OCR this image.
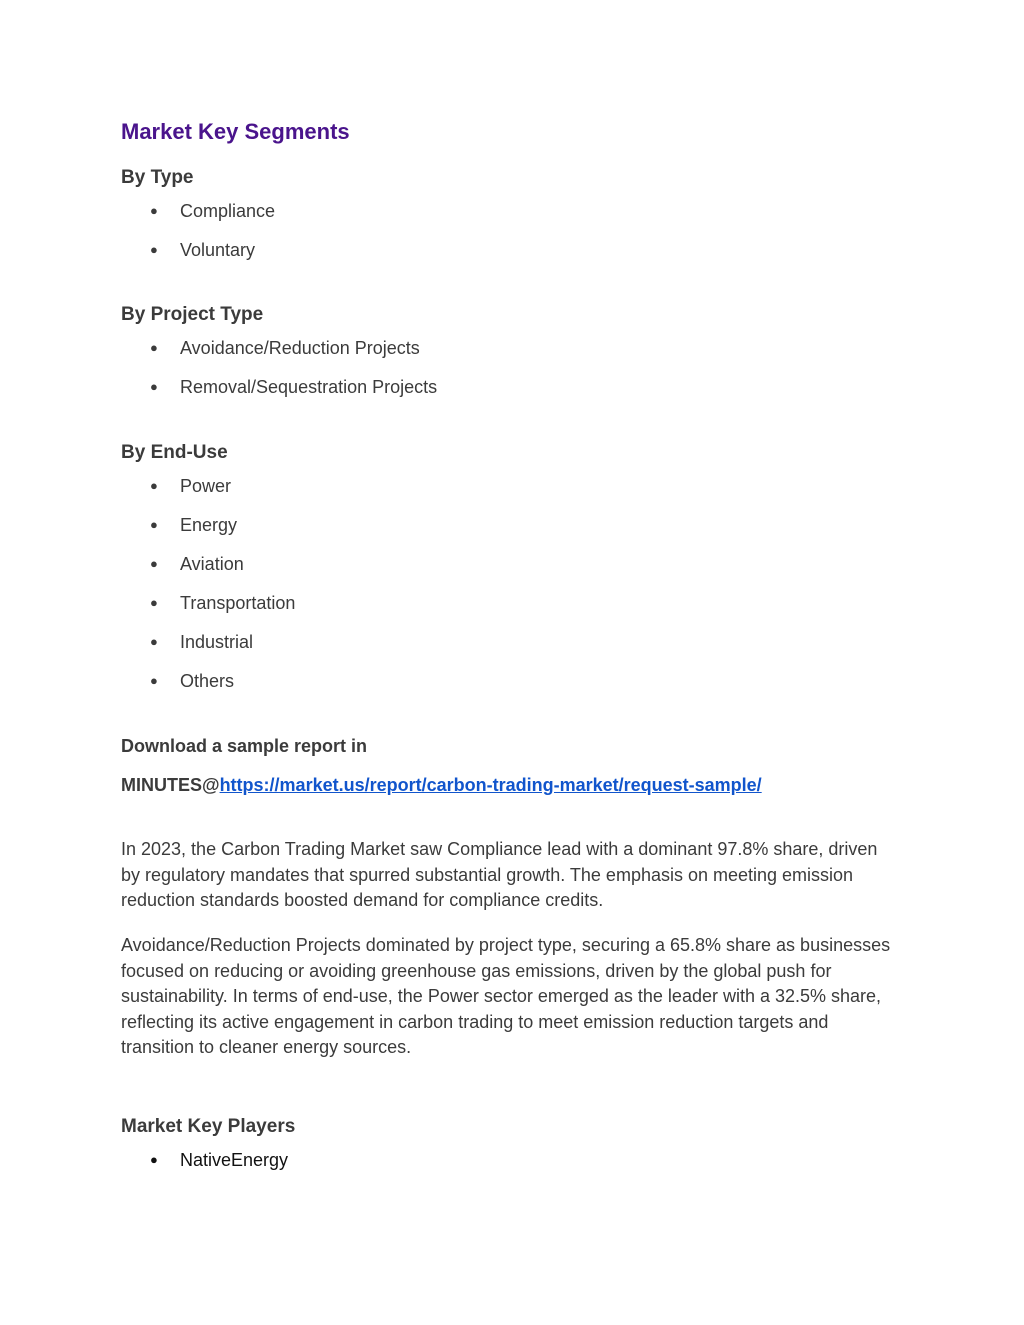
Market Key Segments
By Type
● Compliance
● Voluntary
By Project Type
● Avoidance/Reduction Projects
● Removal/Sequestration Projects
By End-Use
● Power
● Energy
● Aviation
● Transportation
● Industrial
● Others
Download a sample report in
MINUTES@https://market.us/report/carbon-trading-market/request-sample/

In 2023, the Carbon Trading Market saw Compliance lead with a dominant 97.8% share, driven by regulatory mandates that spurred substantial growth. The emphasis on meeting emission reduction standards boosted demand for compliance credits.

Avoidance/Reduction Projects dominated by project type, securing a 65.8% share as businesses focused on reducing or avoiding greenhouse gas emissions, driven by the global push for sustainability. In terms of end-use, the Power sector emerged as the leader with a 32.5% share, reflecting its active engagement in carbon trading to meet emission reduction targets and transition to cleaner energy sources.

Market Key Players
● NativeEnergy
